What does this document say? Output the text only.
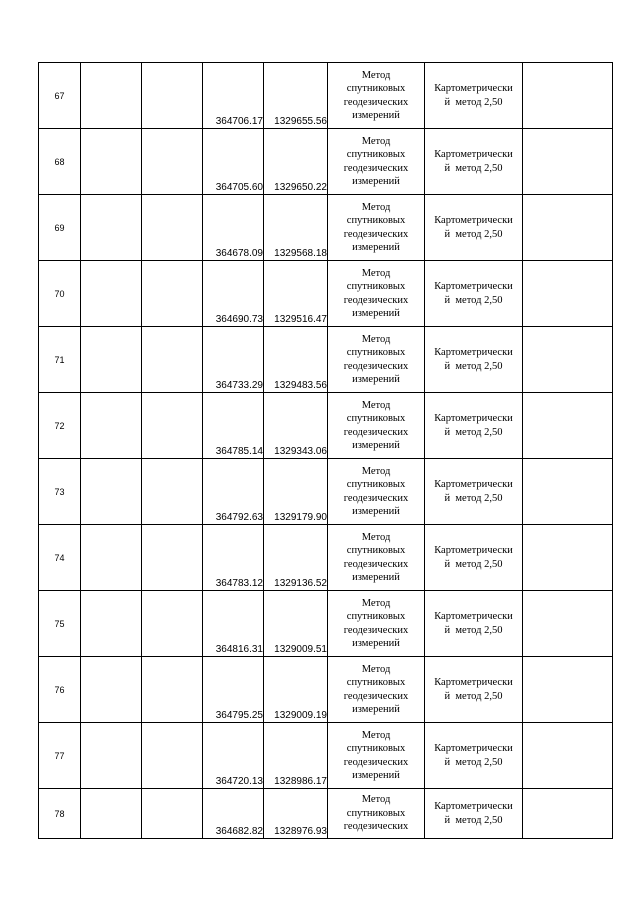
67			364706.17	1329655.56	Метод
спутниковых
геодезических
измерений	Картометрически
й  метод 2,50	

68			364705.60	1329650.22	Метод
спутниковых
геодезических
измерений	Картометрически
й  метод 2,50	

69			364678.09	1329568.18	Метод
спутниковых
геодезических
измерений	Картометрически
й  метод 2,50	

70			364690.73	1329516.47	Метод
спутниковых
геодезических
измерений	Картометрически
й  метод 2,50	

71			364733.29	1329483.56	Метод
спутниковых
геодезических
измерений	Картометрически
й  метод 2,50	

72			364785.14	1329343.06	Метод
спутниковых
геодезических
измерений	Картометрически
й  метод 2,50	

73			364792.63	1329179.90	Метод
спутниковых
геодезических
измерений	Картометрически
й  метод 2,50	

74			364783.12	1329136.52	Метод
спутниковых
геодезических
измерений	Картометрически
й  метод 2,50	

75			364816.31	1329009.51	Метод
спутниковых
геодезических
измерений	Картометрически
й  метод 2,50	

76			364795.25	1329009.19	Метод
спутниковых
геодезических
измерений	Картометрически
й  метод 2,50	

77			364720.13	1328986.17	Метод
спутниковых
геодезических
измерений	Картометрически
й  метод 2,50	

78			364682.82	1328976.93	Метод
спутниковых
геодезических	Картометрически
й  метод 2,50	
